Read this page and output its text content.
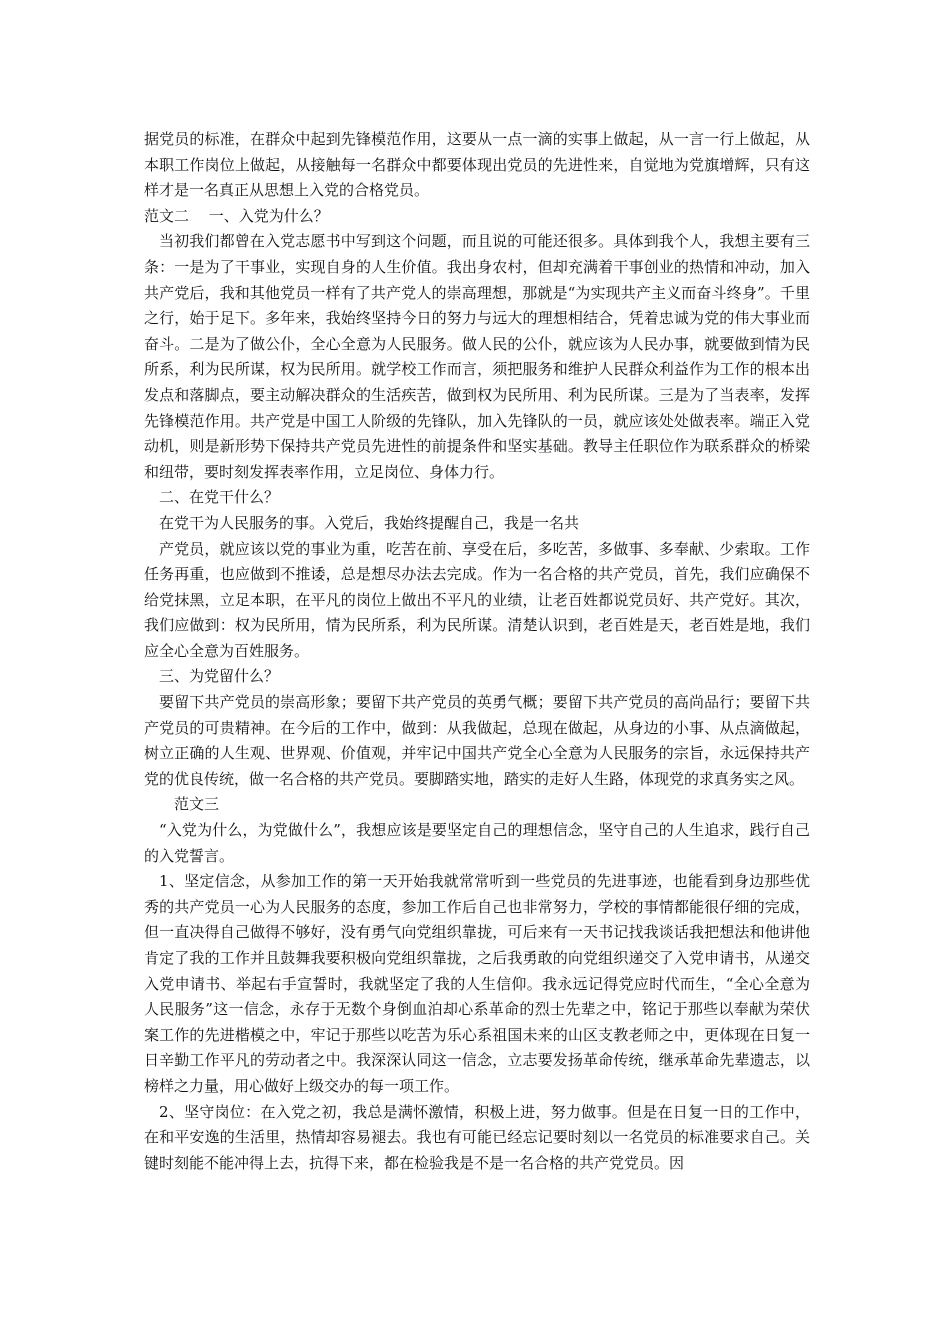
据党员的标准，在群众中起到先锋模范作用，这要从一点一滴的实事上做起，从一言一行上做起，从本职工作岗位上做起，从接触每一名群众中都要体现出党员的先进性来，自觉地为党旗增辉，只有这样才是一名真正从思想上入党的合格党员。

范文二　 一、入党为什么？

当初我们都曾在入党志愿书中写到这个问题，而且说的可能还很多。具体到我个人，我想主要有三条：一是为了干事业，实现自身的人生价值。我出身农村，但却充满着干事创业的热情和冲动，加入共产党后，我和其他党员一样有了共产党人的崇高理想，那就是“为实现共产主义而奋斗终身”。千里之行，始于足下。多年来，我始终坚持今日的努力与远大的理想相结合，凭着忠诚为党的伟大事业而奋斗。二是为了做公仆，全心全意为人民服务。做人民的公仆，就应该为人民办事，就要做到情为民所系，利为民所谋，权为民所用。就学校工作而言，须把服务和维护人民群众利益作为工作的根本出发点和落脚点，要主动解决群众的生活疾苦，做到权为民所用、利为民所谋。三是为了当表率，发挥先锋模范作用。共产党是中国工人阶级的先锋队，加入先锋队的一员，就应该处处做表率。端正入党动机，则是新形势下保持共产党员先进性的前提条件和坚实基础。教导主任职位作为联系群众的桥梁和纽带，要时刻发挥表率作用，立足岗位、身体力行。

二、在党干什么？

在党干为人民服务的事。入党后，我始终提醒自己，我是一名共

产党员，就应该以党的事业为重，吃苦在前、享受在后，多吃苦，多做事、多奉献、少索取。工作任务再重，也应做到不推诿，总是想尽办法去完成。作为一名合格的共产党员，首先，我们应确保不给党抹黑，立足本职，在平凡的岗位上做出不平凡的业绩，让老百姓都说党员好、共产党好。其次，我们应做到：权为民所用，情为民所系，利为民所谋。清楚认识到，老百姓是天，老百姓是地，我们应全心全意为百姓服务。

三、为党留什么？

要留下共产党员的崇高形象；要留下共产党员的英勇气概；要留下共产党员的高尚品行；要留下共产党员的可贵精神。在今后的工作中，做到：从我做起，总现在做起，从身边的小事、从点滴做起，树立正确的人生观、世界观、价值观，并牢记中国共产党全心全意为人民服务的宗旨，永远保持共产党的优良传统，做一名合格的共产党员。要脚踏实地，踏实的走好人生路，体现党的求真务实之风。

范文三

“入党为什么，为党做什么”，我想应该是要坚定自己的理想信念，坚守自己的人生追求，践行自己的入党誓言。

1、坚定信念，从参加工作的第一天开始我就常常听到一些党员的先进事迹，也能看到身边那些优秀的共产党员一心为人民服务的态度，参加工作后自己也非常努力，学校的事情都能很仔细的完成，但一直决得自己做得不够好，没有勇气向党组织靠拢，可后来有一天书记找我谈话我把想法和他讲他肯定了我的工作并且鼓舞我要积极向党组织靠拢，之后我勇敢的向党组织递交了入党申请书，从递交入党申请书、举起右手宣誓时，我就坚定了我的人生信仰。我永远记得党应时代而生，“全心全意为人民服务”这一信念，永存于无数个身倒血泊却心系革命的烈士先辈之中，铭记于那些以奉献为荣伏案工作的先进楷模之中，牢记于那些以吃苦为乐心系祖国未来的山区支教老师之中，更体现在日复一日辛勤工作平凡的劳动者之中。我深深认同这一信念，立志要发扬革命传统，继承革命先辈遗志，以榜样之力量，用心做好上级交办的每一项工作。

2、坚守岗位：在入党之初，我总是满怀激情，积极上进，努力做事。但是在日复一日的工作中，在和平安逸的生活里，热情却容易褪去。我也有可能已经忘记要时刻以一名党员的标准要求自己。关键时刻能不能冲得上去，抗得下来，都在检验我是不是一名合格的共产党党员。因
